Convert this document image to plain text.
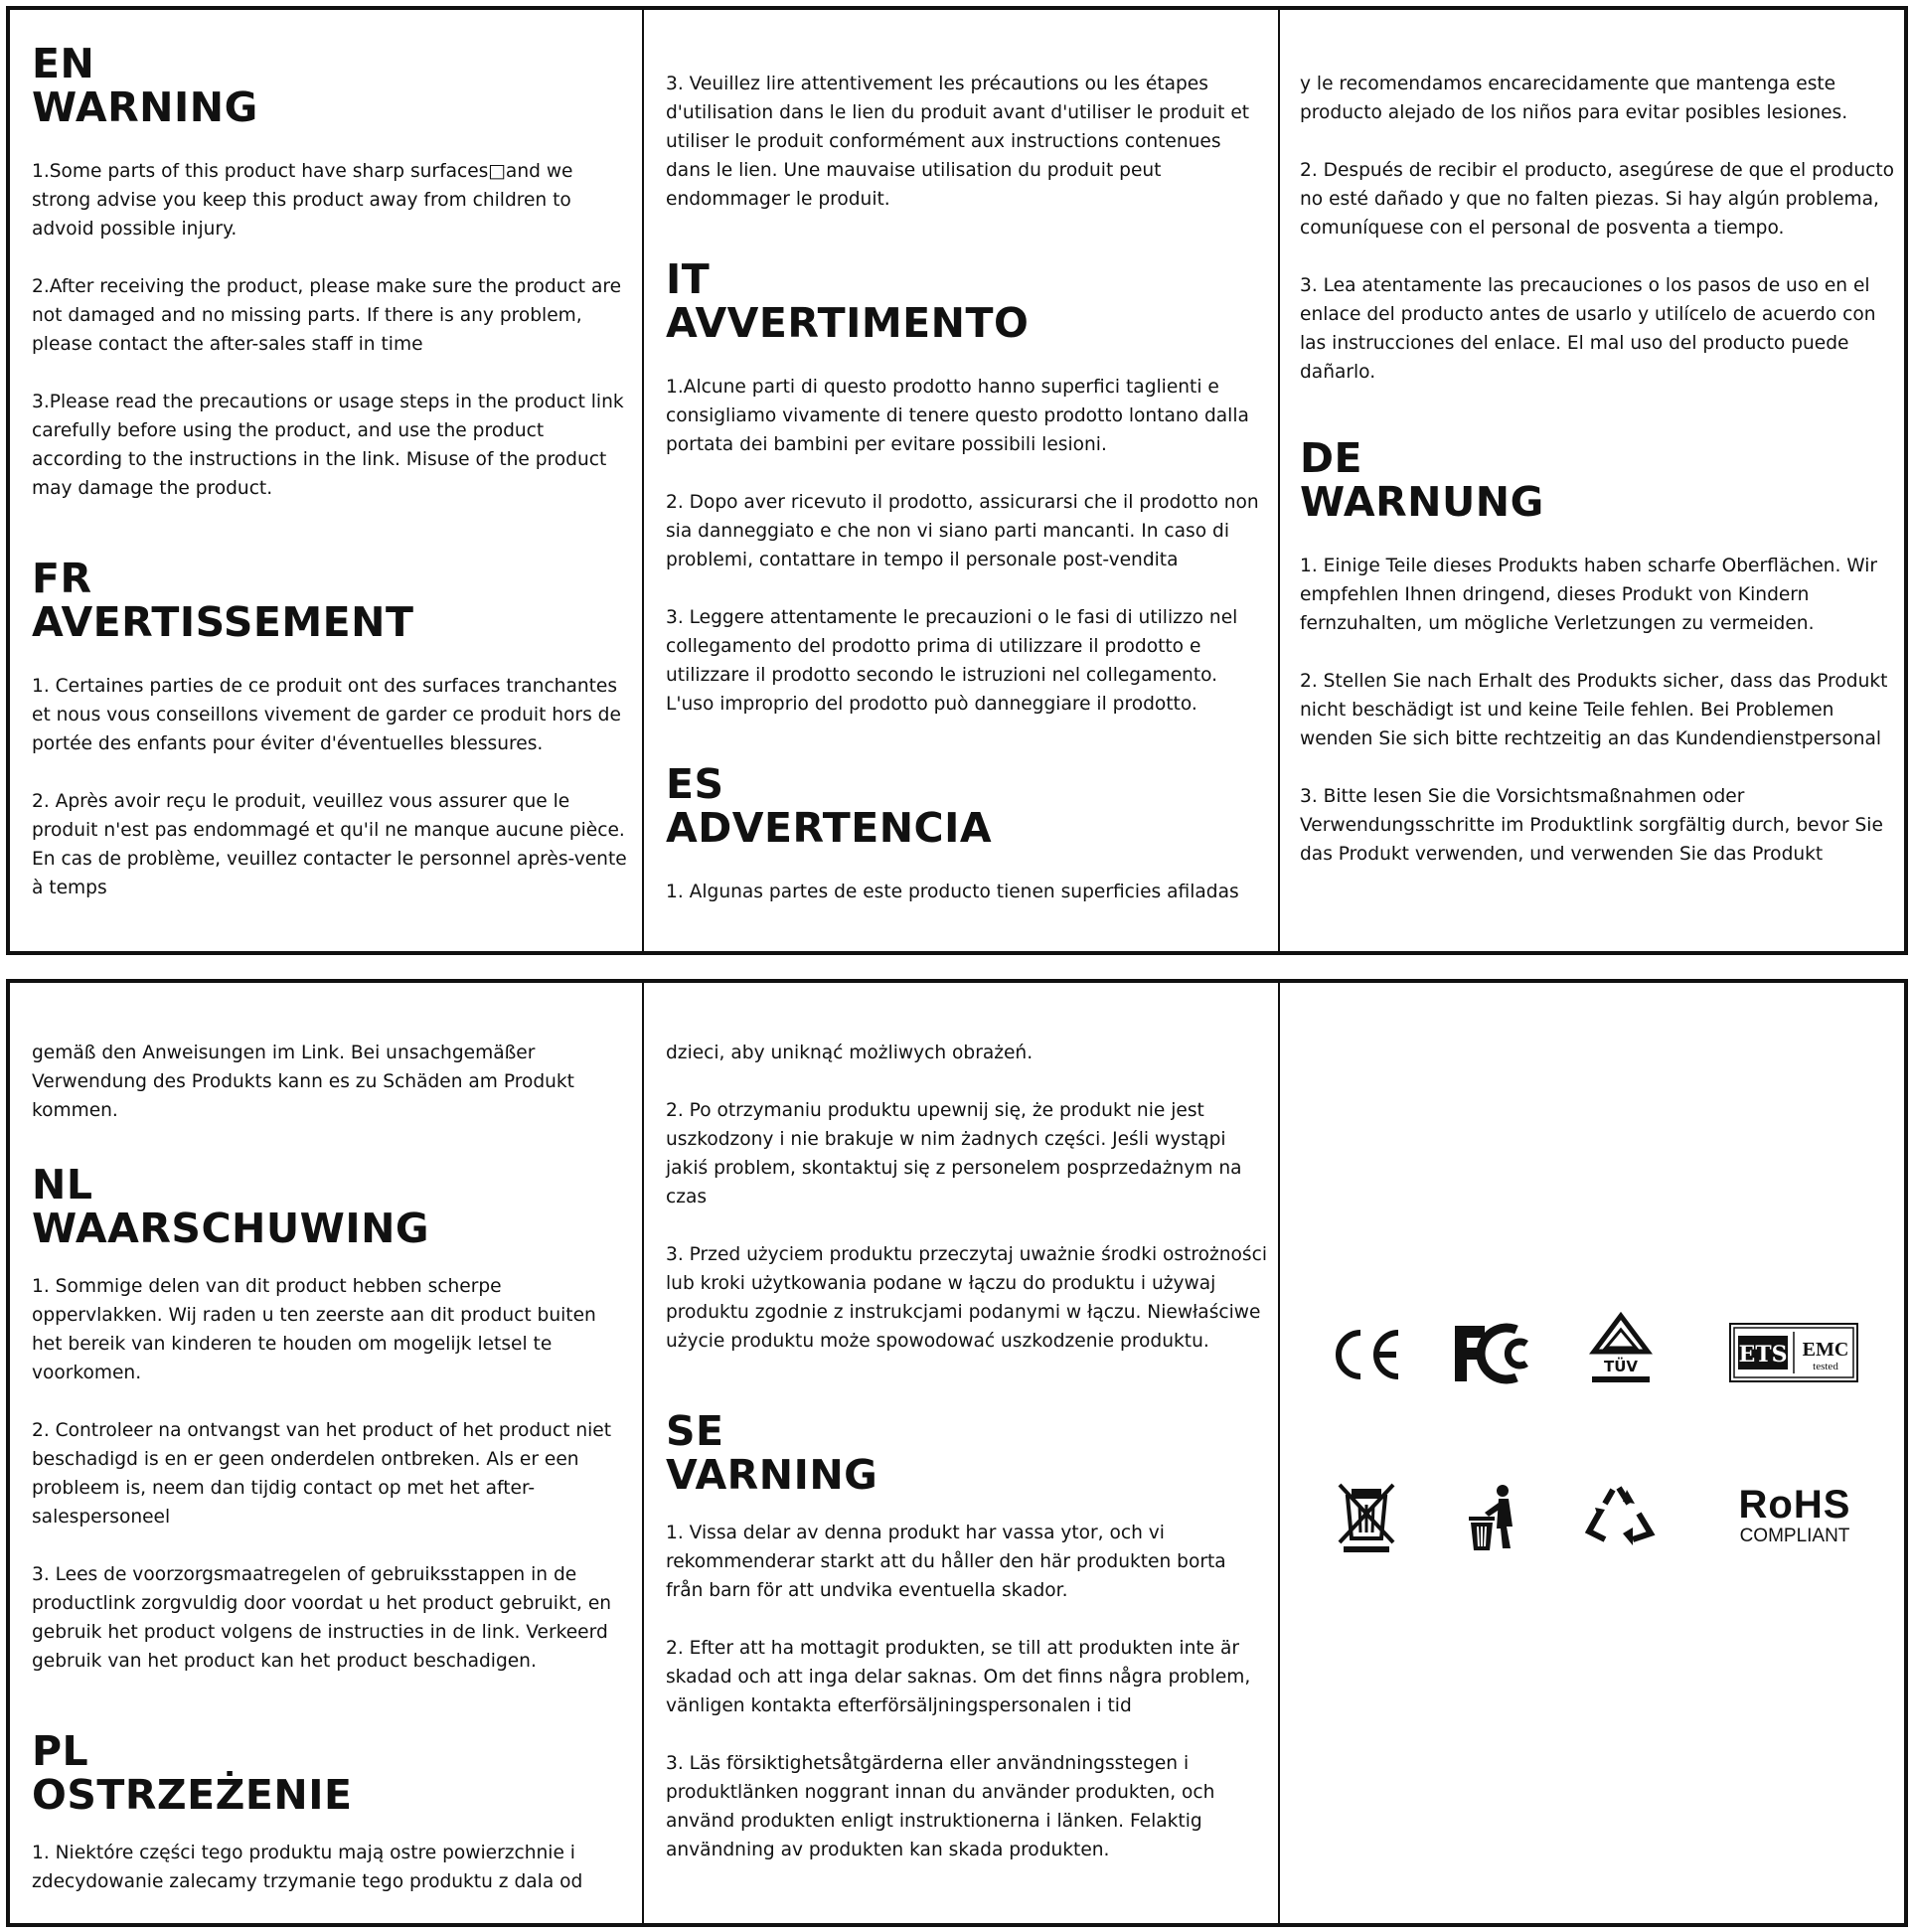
EN
WARNING

1.Some parts of this product have sharp surfaces□and we strong advise you keep this product away from children to advoid possible injury.

2.After receiving the product, please make sure the product are not damaged and no missing parts. If there is any problem, please contact the after-sales staff in time

3.Please read the precautions or usage steps in the product link carefully before using the product, and use the product according to the instructions in the link. Misuse of the product may damage the product.

FR
AVERTISSEMENT

1. Certaines parties de ce produit ont des surfaces tranchantes et nous vous conseillons vivement de garder ce produit hors de portée des enfants pour éviter d'éventuelles blessures.

2. Après avoir reçu le produit, veuillez vous assurer que le produit n'est pas endommagé et qu'il ne manque aucune pièce. En cas de problème, veuillez contacter le personnel après-vente à temps

3. Veuillez lire attentivement les précautions ou les étapes d'utilisation dans le lien du produit avant d'utiliser le produit et utiliser le produit conformément aux instructions contenues dans le lien. Une mauvaise utilisation du produit peut endommager le produit.

IT
AVVERTIMENTO

1.Alcune parti di questo prodotto hanno superfici taglienti e consigliamo vivamente di tenere questo prodotto lontano dalla portata dei bambini per evitare possibili lesioni.

2. Dopo aver ricevuto il prodotto, assicurarsi che il prodotto non sia danneggiato e che non vi siano parti mancanti. In caso di problemi, contattare in tempo il personale post-vendita

3. Leggere attentamente le precauzioni o le fasi di utilizzo nel collegamento del prodotto prima di utilizzare il prodotto e utilizzare il prodotto secondo le istruzioni nel collegamento. L'uso improprio del prodotto può danneggiare il prodotto.

ES
ADVERTENCIA

1. Algunas partes de este producto tienen superficies afiladas

y le recomendamos encarecidamente que mantenga este producto alejado de los niños para evitar posibles lesiones.

2. Después de recibir el producto, asegúrese de que el producto no esté dañado y que no falten piezas. Si hay algún problema, comuníquese con el personal de posventa a tiempo.

3. Lea atentamente las precauciones o los pasos de uso en el enlace del producto antes de usarlo y utilícelo de acuerdo con las instrucciones del enlace. El mal uso del producto puede dañarlo.

DE
WARNUNG

1. Einige Teile dieses Produkts haben scharfe Oberflächen. Wir empfehlen Ihnen dringend, dieses Produkt von Kindern fernzuhalten, um mögliche Verletzungen zu vermeiden.

2. Stellen Sie nach Erhalt des Produkts sicher, dass das Produkt nicht beschädigt ist und keine Teile fehlen. Bei Problemen wenden Sie sich bitte rechtzeitig an das Kundendienstpersonal

3. Bitte lesen Sie die Vorsichtsmaßnahmen oder Verwendungsschritte im Produktlink sorgfältig durch, bevor Sie das Produkt verwenden, und verwenden Sie das Produkt

gemäß den Anweisungen im Link. Bei unsachgemäßer Verwendung des Produkts kann es zu Schäden am Produkt kommen.

NL
WAARSCHUWING

1. Sommige delen van dit product hebben scherpe oppervlakken. Wij raden u ten zeerste aan dit product buiten het bereik van kinderen te houden om mogelijk letsel te voorkomen.

2. Controleer na ontvangst van het product of het product niet beschadigd is en er geen onderdelen ontbreken. Als er een probleem is, neem dan tijdig contact op met het after-salespersoneel

3. Lees de voorzorgsmaatregelen of gebruiksstappen in de productlink zorgvuldig door voordat u het product gebruikt, en gebruik het product volgens de instructies in de link. Verkeerd gebruik van het product kan het product beschadigen.

PL
OSTRZEŻENIE

1. Niektóre części tego produktu mają ostre powierzchnie i zdecydowanie zalecamy trzymanie tego produktu z dala od

dzieci, aby uniknąć możliwych obrażeń.

2. Po otrzymaniu produktu upewnij się, że produkt nie jest uszkodzony i nie brakuje w nim żadnych części. Jeśli wystąpi jakiś problem, skontaktuj się z personelem posprzedażnym na czas

3. Przed użyciem produktu przeczytaj uważnie środki ostrożności lub kroki użytkowania podane w łączu do produktu i używaj produktu zgodnie z instrukcjami podanymi w łączu. Niewłaściwe użycie produktu może spowodować uszkodzenie produktu.

SE
VARNING

1. Vissa delar av denna produkt har vassa ytor, och vi rekommenderar starkt att du håller den här produkten borta från barn för att undvika eventuella skador.

2. Efter att ha mottagit produkten, se till att produkten inte är skadad och att inga delar saknas. Om det finns några problem, vänligen kontakta efterförsäljningspersonalen i tid

3. Läs försiktighetsåtgärderna eller användningsstegen i produktlänken noggrant innan du använder produkten, och använd produkten enligt instruktionerna i länken. Felaktig användning av produkten kan skada produkten.

TÜV	ETS EMC
tested
RoHS
COMPLIANT
